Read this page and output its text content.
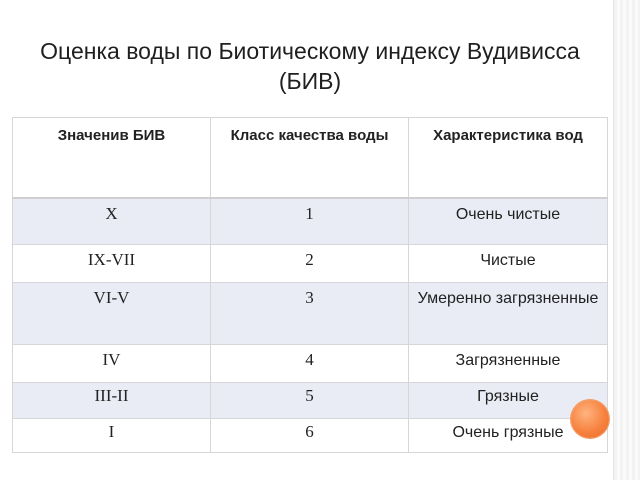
Оценка воды по Биотическому индексу Вудивисса (БИВ)
Значенив БИВ	Класс качества воды	Характеристика вод
X	1	Очень чистые
IX-VII	2	Чистые
VI-V	3	Умеренно загрязненные
IV	4	Загрязненные
III-II	5	Грязные
I	6	Очень грязные
